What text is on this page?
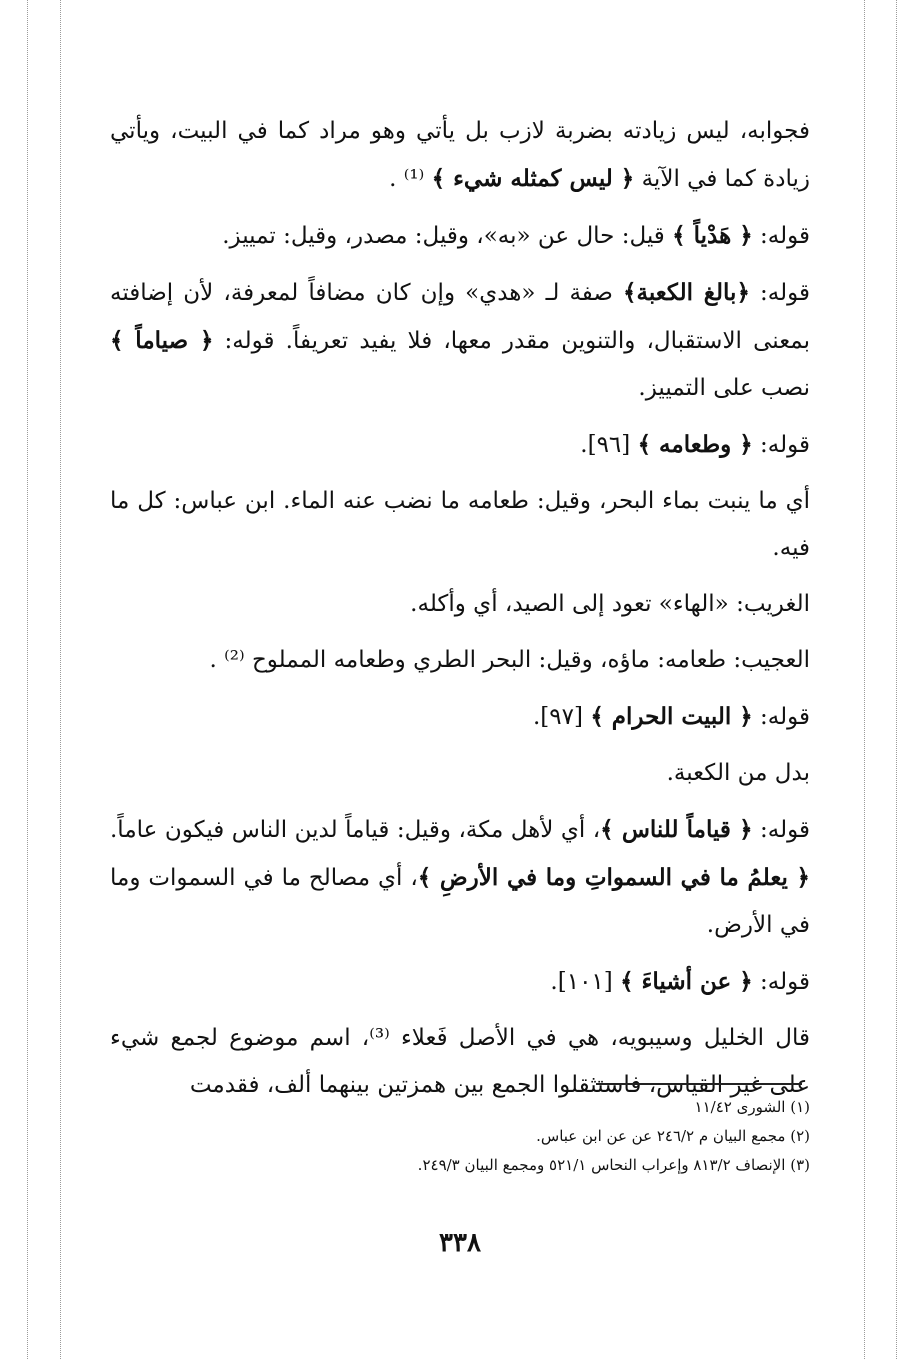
فجوابه، ليس زيادته بضربة لازب بل يأتي وهو مراد كما في البيت، ويأتي زيادة كما في الآية ﴿ ليس كمثله شيء ﴾ ⁽¹⁾ .

قوله: ﴿ هَدْياً ﴾ قيل: حال عن «به»، وقيل: مصدر، وقيل: تمييز.

قوله: ﴿بالغ الكعبة﴾ صفة لـ «هدي» وإن كان مضافاً لمعرفة، لأن إضافته بمعنى الاستقبال، والتنوين مقدر معها، فلا يفيد تعريفاً. قوله: ﴿ صياماً ﴾ نصب على التمييز.

قوله: ﴿ وطعامه ﴾ [٩٦].

أي ما ينبت بماء البحر، وقيل: طعامه ما نضب عنه الماء. ابن عباس: كل ما فيه.

الغريب: «الهاء» تعود إلى الصيد، أي وأكله.

العجيب: طعامه: ماؤه، وقيل: البحر الطري وطعامه المملوح ⁽²⁾ .

قوله: ﴿ البيت الحرام ﴾ [٩٧].

بدل من الكعبة.

قوله: ﴿ قياماً للناس ﴾، أي لأهل مكة، وقيل: قياماً لدين الناس فيكون عاماً. ﴿ يعلمُ ما في السمواتِ وما في الأرضِ ﴾، أي مصالح ما في السموات وما في الأرض.

قوله: ﴿ عن أشياءَ ﴾ [١٠١].

قال الخليل وسيبويه، هي في الأصل فَعلاء ⁽³⁾، اسم موضوع لجمع شيء على غير القياس، فاستثقلوا الجمع بين همزتين بينهما ألف، فقدمت

(١) الشورى ١١/٤٢
(٢) مجمع البيان م ٢٤٦/٢ عن عن ابن عباس.
(٣) الإنصاف ٨١٣/٢ وإعراب النحاس ٥٢١/١ ومجمع البيان ٢٤٩/٣.
٣٣٨
